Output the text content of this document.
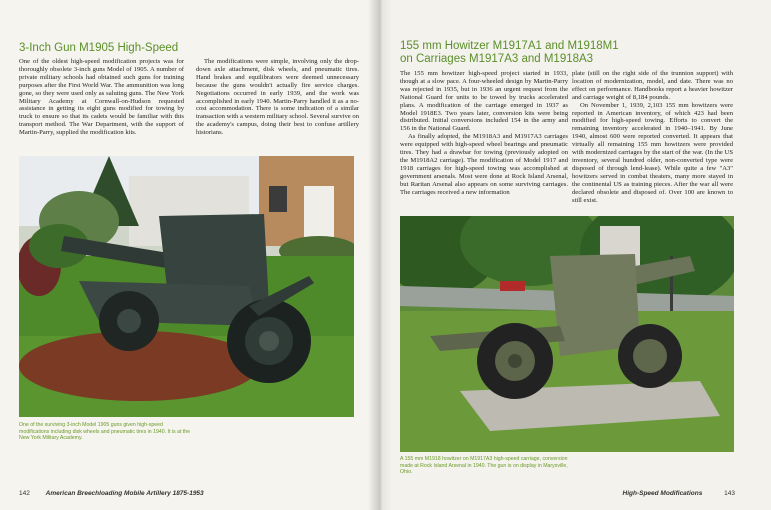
3-Inch Gun M1905 High-Speed

One of the oldest high-speed modification projects was for thoroughly obsolete 3-inch guns Model of 1905. A number of private military schools had obtained such guns for training purposes after the First World War. The ammunition was long gone, so they were used only as saluting guns. The New York Military Academy at Cornwall-on-Hudson requested assistance in getting its eight guns modified for towing by truck to ensure so that its cadets would be familiar with this transport method. The War Department, with the support of Martin-Parry, supplied the modification kits.

The modifications were simple, involving only the drop-down axle attachment, disk wheels, and pneumatic tires. Hand brakes and equilibrators were deemed unnecessary because the guns wouldn't actually fire service charges. Negotiations occurred in early 1939, and the work was accomplished in early 1940. Martin-Parry handled it as a no-cost accommodation. There is some indication of a similar transaction with a western military school. Several survive on the academy's campus, doing their best to confuse artillery historians.

One of the surviving 3-inch Model 1905 guns given high-speed modifications including disk wheels and pneumatic tires in 1940. It is at the New York Military Academy.

142 American Breechloading Mobile Artillery 1875-1953
155 mm Howitzer M1917A1 and M1918M1
on Carriages M1917A3 and M1918A3

The 155 mm howitzer high-speed project started in 1933, though at a slow pace. A four-wheeled design by Martin-Parry was rejected in 1935, but in 1936 an urgent request from the National Guard for units to be towed by trucks accelerated plans. A modification of the carriage emerged in 1937 as Model 1918E3. Two years later, conversion kits were being distributed. Initial conversions included 154 in the army and 156 in the National Guard.

As finally adopted, the M1918A3 and M1917A3 carriages were equipped with high-speed wheel bearings and pneumatic tires. They had a drawbar for towing (previously adopted on the M1918A2 carriage). The modification of Model 1917 and 1918 carriages for high-speed towing was accomplished at government arsenals. Most were done at Rock Island Arsenal, but Raritan Arsenal also appears on some surviving carriages. The carriages received a new information

plate (still on the right side of the trunnion support) with location of modernization, model, and date. There was no effect on performance. Handbooks report a heavier howitzer and carriage weight of 8,184 pounds.

On November 1, 1939, 2,103 155 mm howitzers were reported in American inventory, of which 423 had been modified for high-speed towing. Efforts to convert the remaining inventory accelerated in 1940–1941. By June 1940, almost 600 were reported converted. It appears that virtually all remaining 155 mm howitzers were provided with modernized carriages by the start of the war. (In the US inventory, several hundred older, non-converted type were disposed of through lend-lease). While quite a few "A3" howitzers served in combat theaters, many more stayed in the continental US as training pieces. After the war all were declared obsolete and disposed of. Over 100 are known to still exist.

A 155 mm M1918 howitzer on M1917A3 high-speed carriage, conversion made at Rock Island Arsenal in 1940. The gun is on display in Marysville, Ohio.

High-Speed Modifications	143
